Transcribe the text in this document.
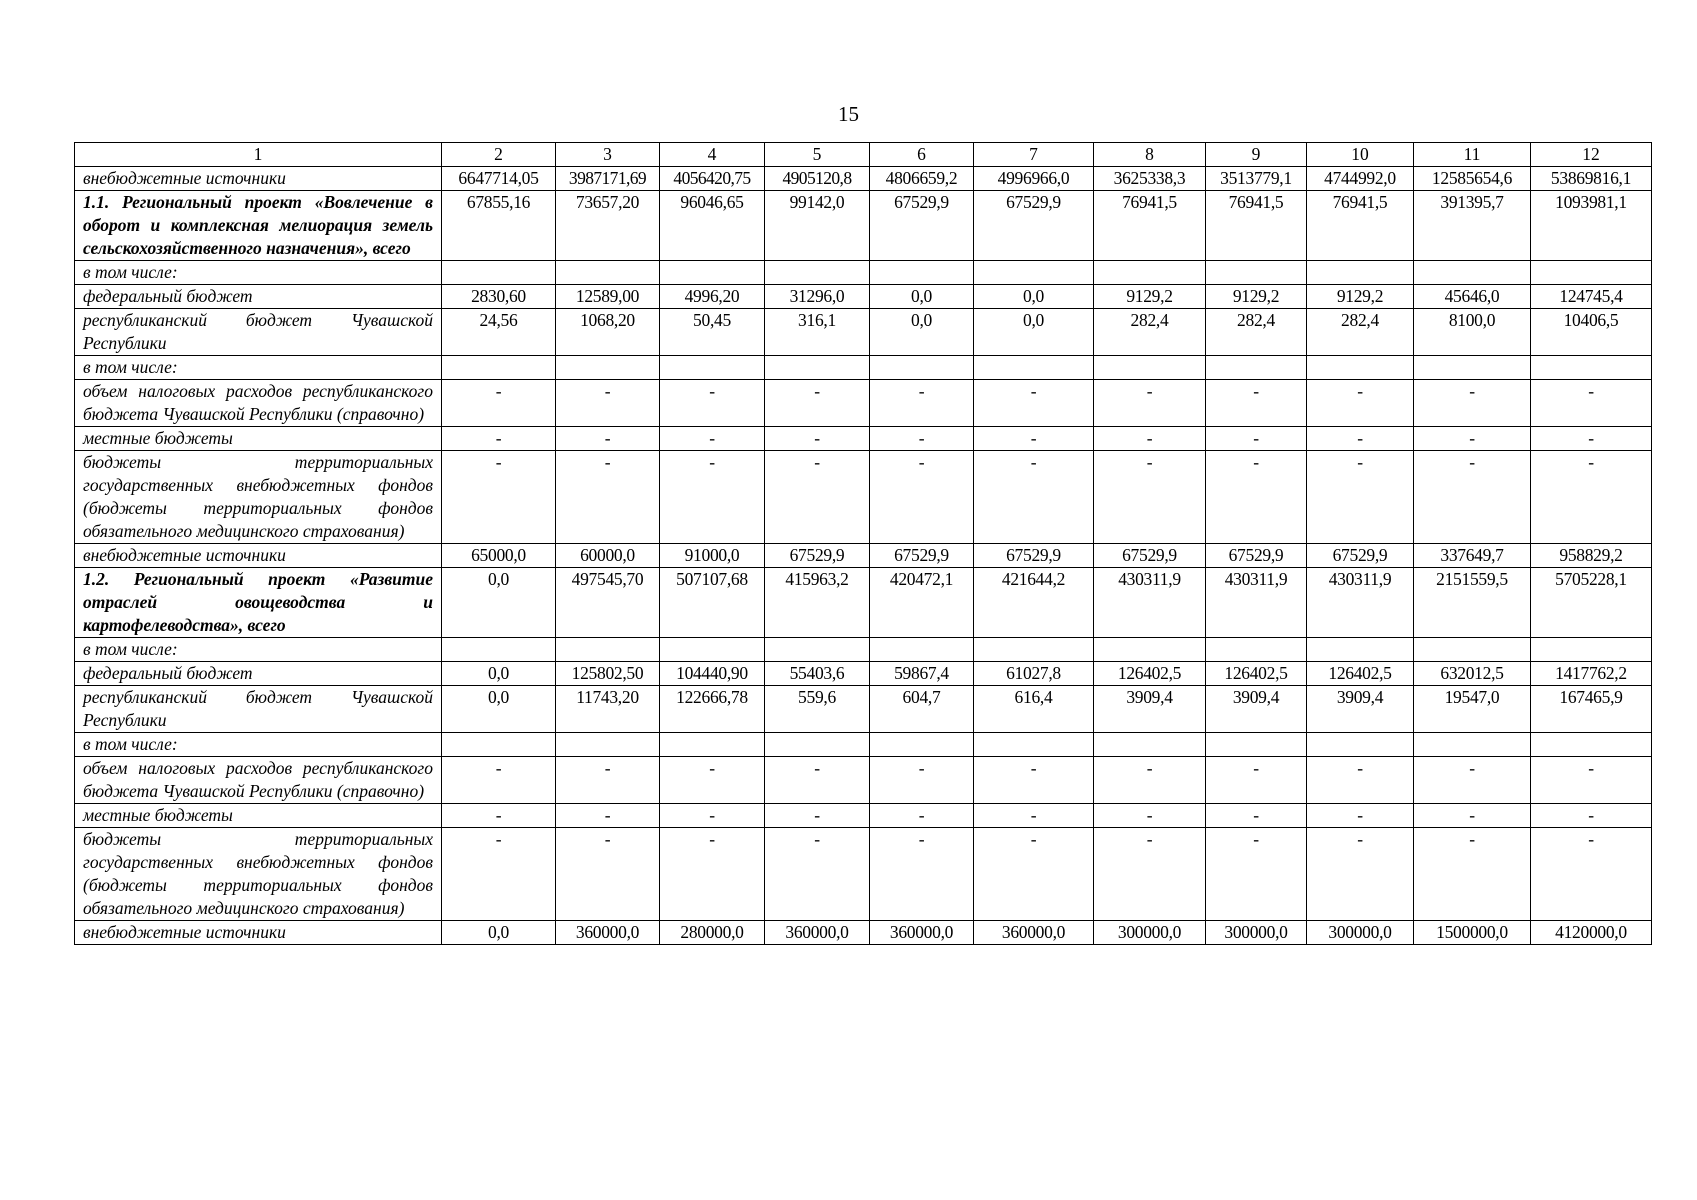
15
1	2	3	4	5	6	7	8	9	10	11	12
внебюджетные источники	6647714,05	3987171,69	4056420,75	4905120,8	4806659,2	4996966,0	3625338,3	3513779,1	4744992,0	12585654,6	53869816,1
1.1. Региональный проект «Вовлечение в оборот и комплексная мелиорация земель сельскохозяйственного назначения», всего	67855,16	73657,20	96046,65	99142,0	67529,9	67529,9	76941,5	76941,5	76941,5	391395,7	1093981,1
в том числе:											
федеральный бюджет	2830,60	12589,00	4996,20	31296,0	0,0	0,0	9129,2	9129,2	9129,2	45646,0	124745,4
республиканский бюджет Чувашской Республики	24,56	1068,20	50,45	316,1	0,0	0,0	282,4	282,4	282,4	8100,0	10406,5
в том числе:											
объем налоговых расходов республиканского бюджета Чувашской Республики (справочно)	-	-	-	-	-	-	-	-	-	-	-
местные бюджеты	-	-	-	-	-	-	-	-	-	-	-
бюджеты территориальных государственных внебюджетных фондов (бюджеты территориальных фондов обязательного медицинского страхования)	-	-	-	-	-	-	-	-	-	-	-
внебюджетные источники	65000,0	60000,0	91000,0	67529,9	67529,9	67529,9	67529,9	67529,9	67529,9	337649,7	958829,2
1.2. Региональный проект «Развитие отраслей овощеводства и картофелеводства», всего	0,0	497545,70	507107,68	415963,2	420472,1	421644,2	430311,9	430311,9	430311,9	2151559,5	5705228,1
в том числе:											
федеральный бюджет	0,0	125802,50	104440,90	55403,6	59867,4	61027,8	126402,5	126402,5	126402,5	632012,5	1417762,2
республиканский бюджет Чувашской Республики	0,0	11743,20	122666,78	559,6	604,7	616,4	3909,4	3909,4	3909,4	19547,0	167465,9
в том числе:											
объем налоговых расходов республиканского бюджета Чувашской Республики (справочно)	-	-	-	-	-	-	-	-	-	-	-
местные бюджеты	-	-	-	-	-	-	-	-	-	-	-
бюджеты территориальных государственных внебюджетных фондов (бюджеты территориальных фондов обязательного медицинского страхования)	-	-	-	-	-	-	-	-	-	-	-
внебюджетные источники	0,0	360000,0	280000,0	360000,0	360000,0	360000,0	300000,0	300000,0	300000,0	1500000,0	4120000,0
